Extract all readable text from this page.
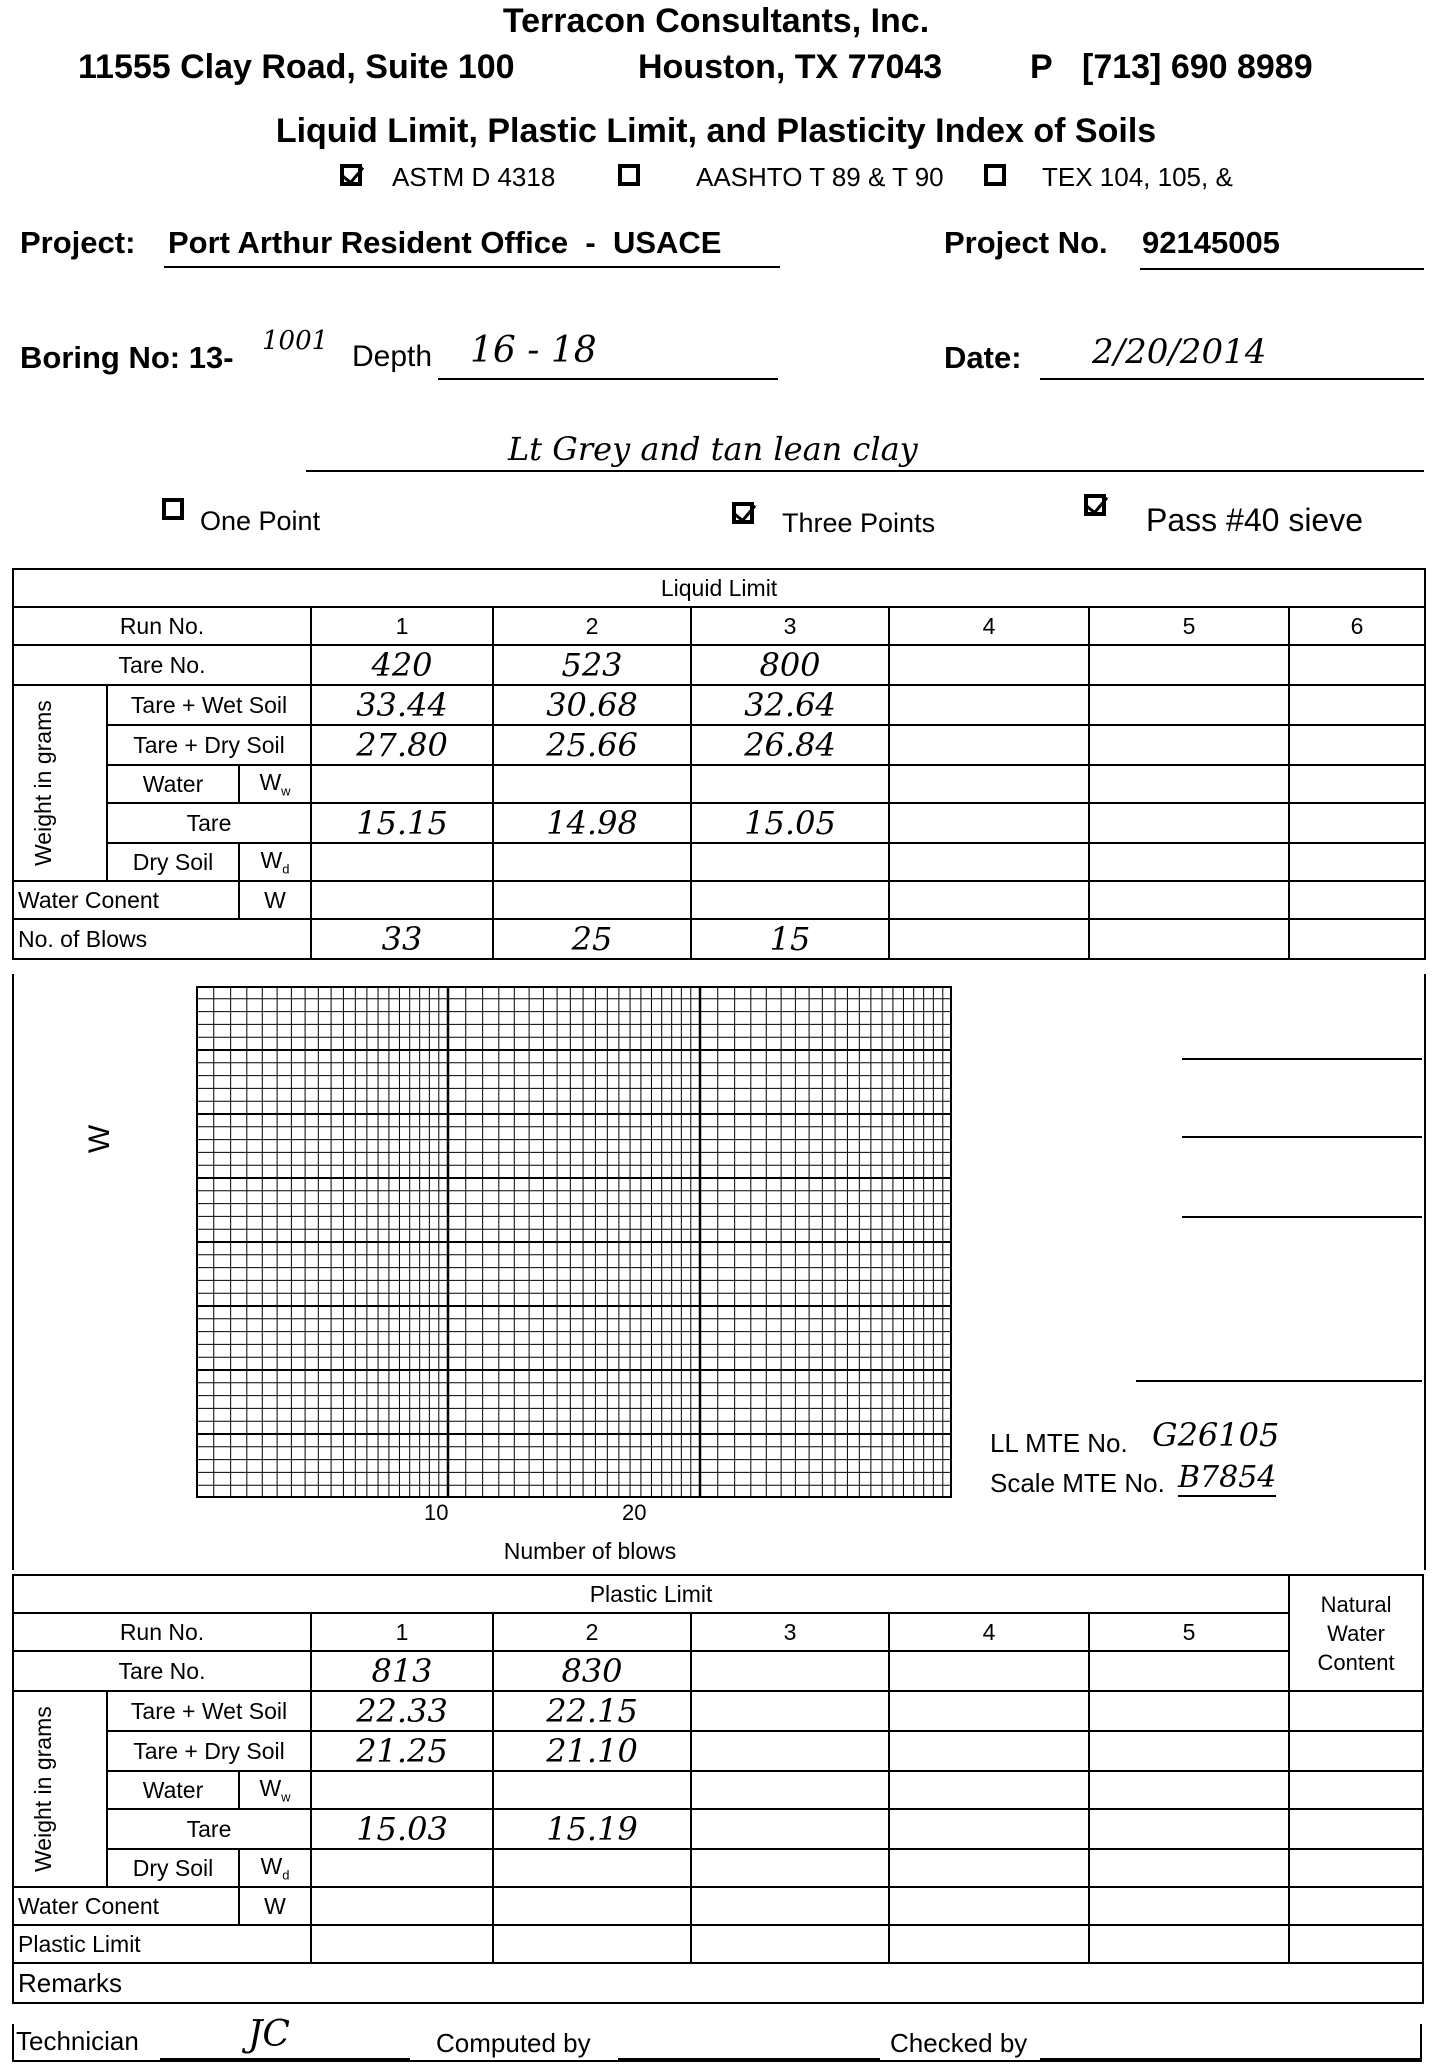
Terracon Consultants, Inc.
11555 Clay Road, Suite 100	Houston, TX 77043	P [713] 690 8989
Liquid Limit, Plastic Limit, and Plasticity Index of Soils
ASTM D 4318	AASHTO T 89 & T 90	TEX 104, 105, &
Project: Port Arthur Resident Office  -  USACE	Project No. 92145005
Boring No: 13- 1001 Depth 16 - 18	Date: 2/20/2014
Lt Grey and tan lean clay
One Point	Three Points	Pass #40 sieve
Liquid Limit								
Run No.			1	2	3	4	5	6
Tare No.			420	523	800			

Weight in grams	Tare + Wet Soil		33.44	30.68	32.64			
	Tare + Dry Soil		27.80	25.66	26.84			
	Water	$W_w$						
	Tare		15.15	14.98	15.05			
	Dry Soil	$W_d$						
Water Conent		W						
No. of Blows			33	25	15			
W
10	20
Number of blows
LL MTE No. G26105
Scale MTE No. B7854
Plastic Limit								Natural Water Content
Run No.			1	2	3	4	5	
Tare No.			813	830				

Weight in grams	Tare + Wet Soil		22.33	22.15				
	Tare + Dry Soil		21.25	21.10				
	Water	$W_w$						
	Tare		15.03	15.19				
	Dry Soil	$W_d$						
Water Conent		W						
Plastic Limit								
Remarks								
Technician	JC	Computed by	Checked by
